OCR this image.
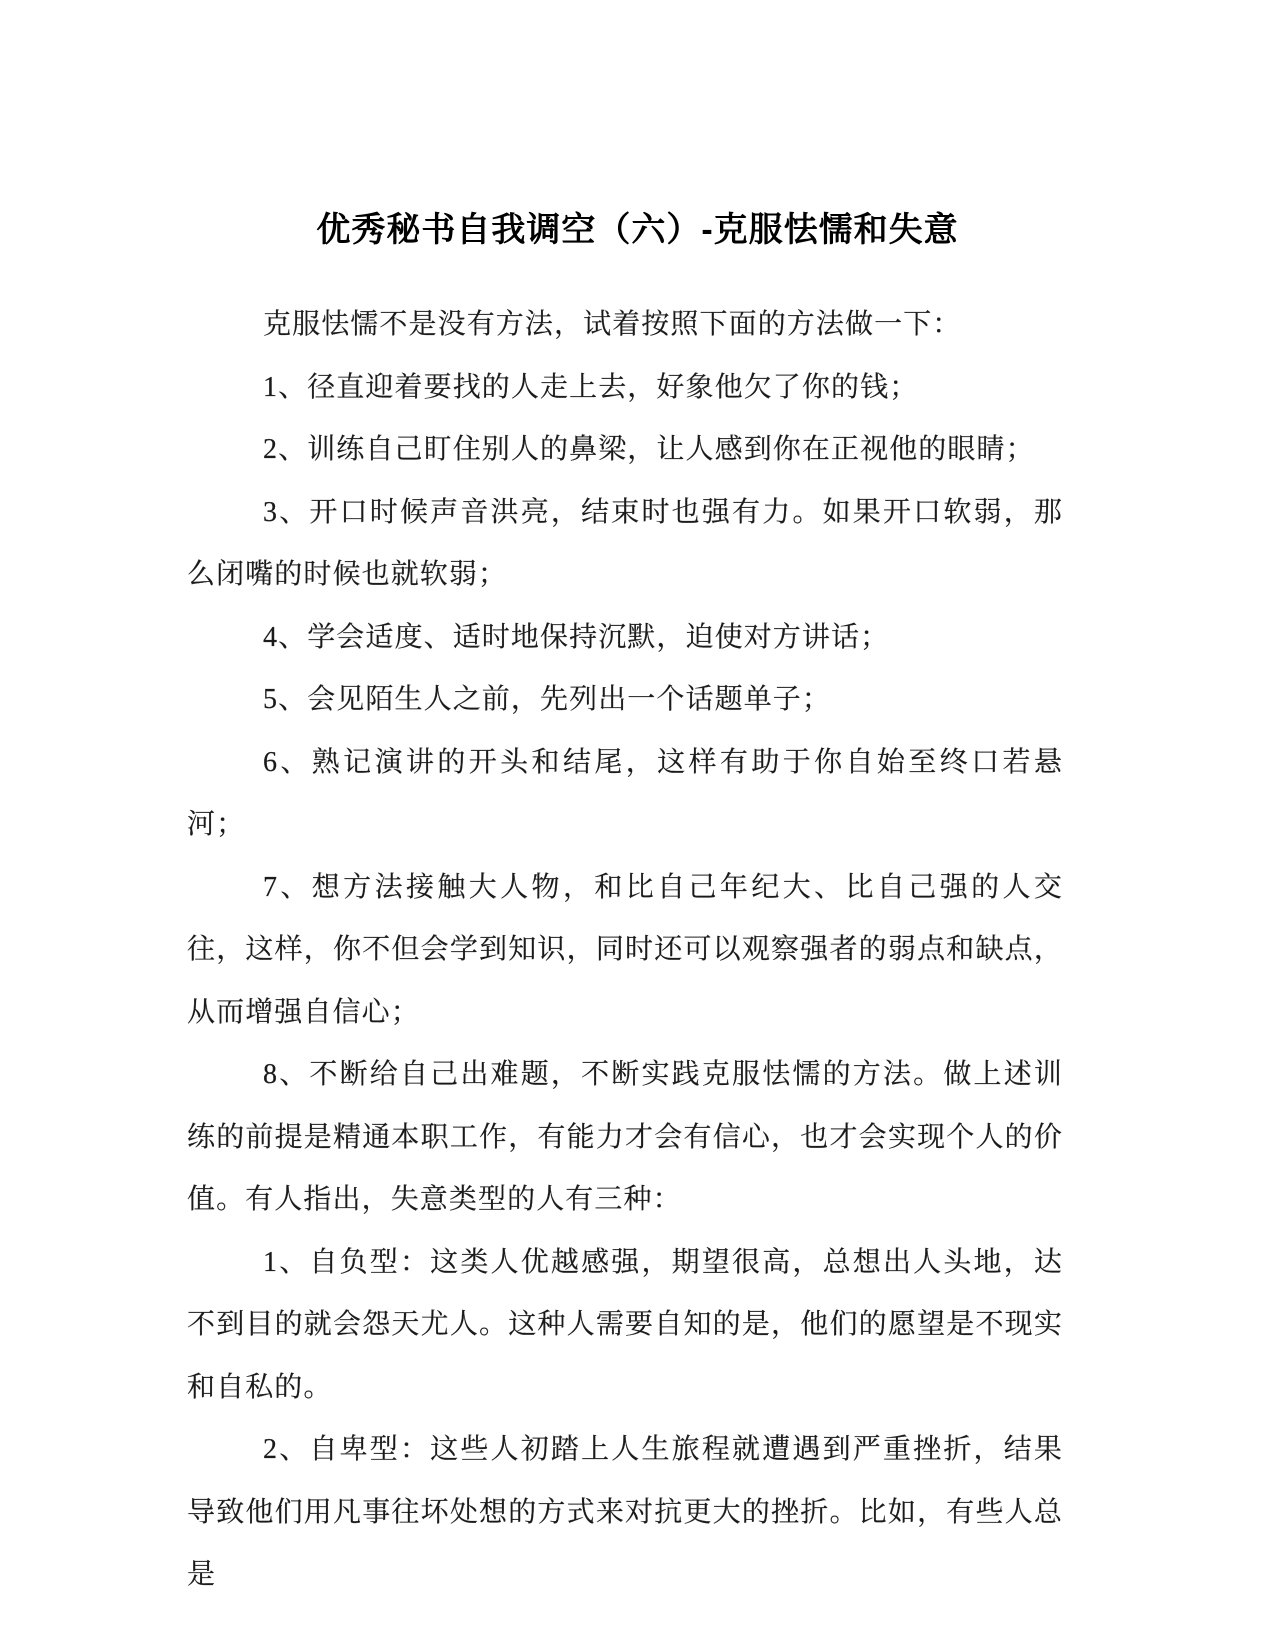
优秀秘书自我调空（六）-克服怯懦和失意

克服怯懦不是没有方法，试着按照下面的方法做一下：

1、径直迎着要找的人走上去，好象他欠了你的钱；

2、训练自己盯住别人的鼻梁，让人感到你在正视他的眼睛；

3、开口时候声音洪亮，结束时也强有力。如果开口软弱，那么闭嘴的时候也就软弱；

4、学会适度、适时地保持沉默，迫使对方讲话；

5、会见陌生人之前，先列出一个话题单子；

6、熟记演讲的开头和结尾，这样有助于你自始至终口若悬河；

7、想方法接触大人物，和比自己年纪大、比自己强的人交往，这样，你不但会学到知识，同时还可以观察强者的弱点和缺点，从而增强自信心；

8、不断给自己出难题，不断实践克服怯懦的方法。做上述训练的前提是精通本职工作，有能力才会有信心，也才会实现个人的价值。有人指出，失意类型的人有三种：

1、自负型：这类人优越感强，期望很高，总想出人头地，达不到目的就会怨天尤人。这种人需要自知的是，他们的愿望是不现实和自私的。

2、自卑型：这些人初踏上人生旅程就遭遇到严重挫折，结果导致他们用凡事往坏处想的方式来对抗更大的挫折。比如，有些人总是
